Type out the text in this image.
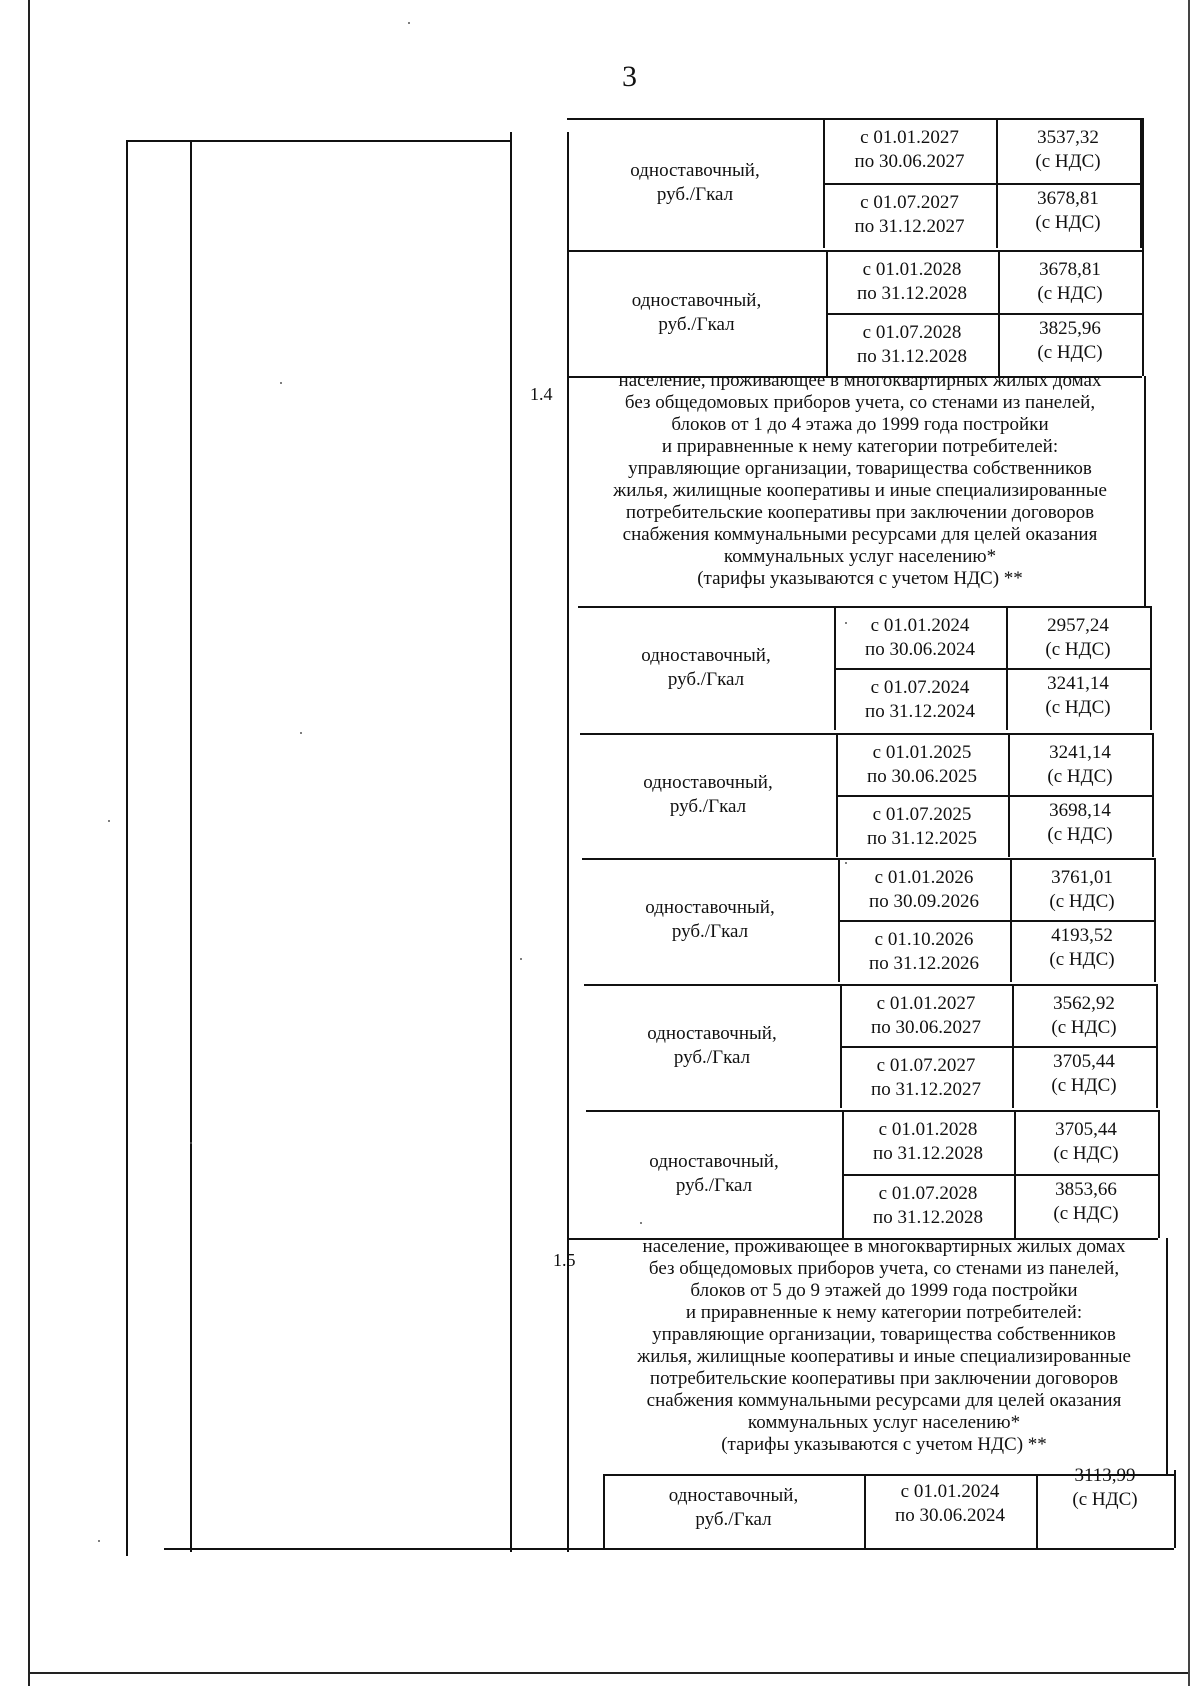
3
одноставочный,
руб./Гкал
с 01.01.2027
по 30.06.2027
3537,32
(с НДС)
с 01.07.2027
по 31.12.2027
3678,81
(с НДС)
одноставочный,
руб./Гкал
с 01.01.2028
по 31.12.2028
3678,81
(с НДС)
с 01.07.2028
по 31.12.2028
3825,96
(с НДС)
1.4
население, проживающее в многоквартирных жилых домах
без общедомовых приборов учета, со стенами из панелей,
блоков от 1 до 4 этажа до 1999 года постройки
и приравненные к нему категории потребителей:
управляющие организации, товарищества собственников
жилья, жилищные кооперативы и иные специализированные
потребительские кооперативы при заключении договоров
снабжения коммунальными ресурсами для целей оказания
коммунальных услуг населению*
(тарифы указываются с учетом НДС) **
одноставочный,
руб./Гкал
с 01.01.2024
по 30.06.2024
2957,24
(с НДС)
с 01.07.2024
по 31.12.2024
3241,14
(с НДС)
одноставочный,
руб./Гкал
с 01.01.2025
по 30.06.2025
3241,14
(с НДС)
с 01.07.2025
по 31.12.2025
3698,14
(с НДС)
одноставочный,
руб./Гкал
с 01.01.2026
по 30.09.2026
3761,01
(с НДС)
с 01.10.2026
по 31.12.2026
4193,52
(с НДС)
одноставочный,
руб./Гкал
с 01.01.2027
по 30.06.2027
3562,92
(с НДС)
с 01.07.2027
по 31.12.2027
3705,44
(с НДС)
одноставочный,
руб./Гкал
с 01.01.2028
по 31.12.2028
3705,44
(с НДС)
с 01.07.2028
по 31.12.2028
3853,66
(с НДС)
1.5
население, проживающее в многоквартирных жилых домах
без общедомовых приборов учета, со стенами из панелей,
блоков от 5 до 9 этажей до 1999 года постройки
и приравненные к нему категории потребителей:
управляющие организации, товарищества собственников
жилья, жилищные кооперативы и иные специализированные
потребительские кооперативы при заключении договоров
снабжения коммунальными ресурсами для целей оказания
коммунальных услуг населению*
(тарифы указываются с учетом НДС) **
одноставочный,
руб./Гкал
с 01.01.2024
по 30.06.2024
3113,99
(с НДС)
